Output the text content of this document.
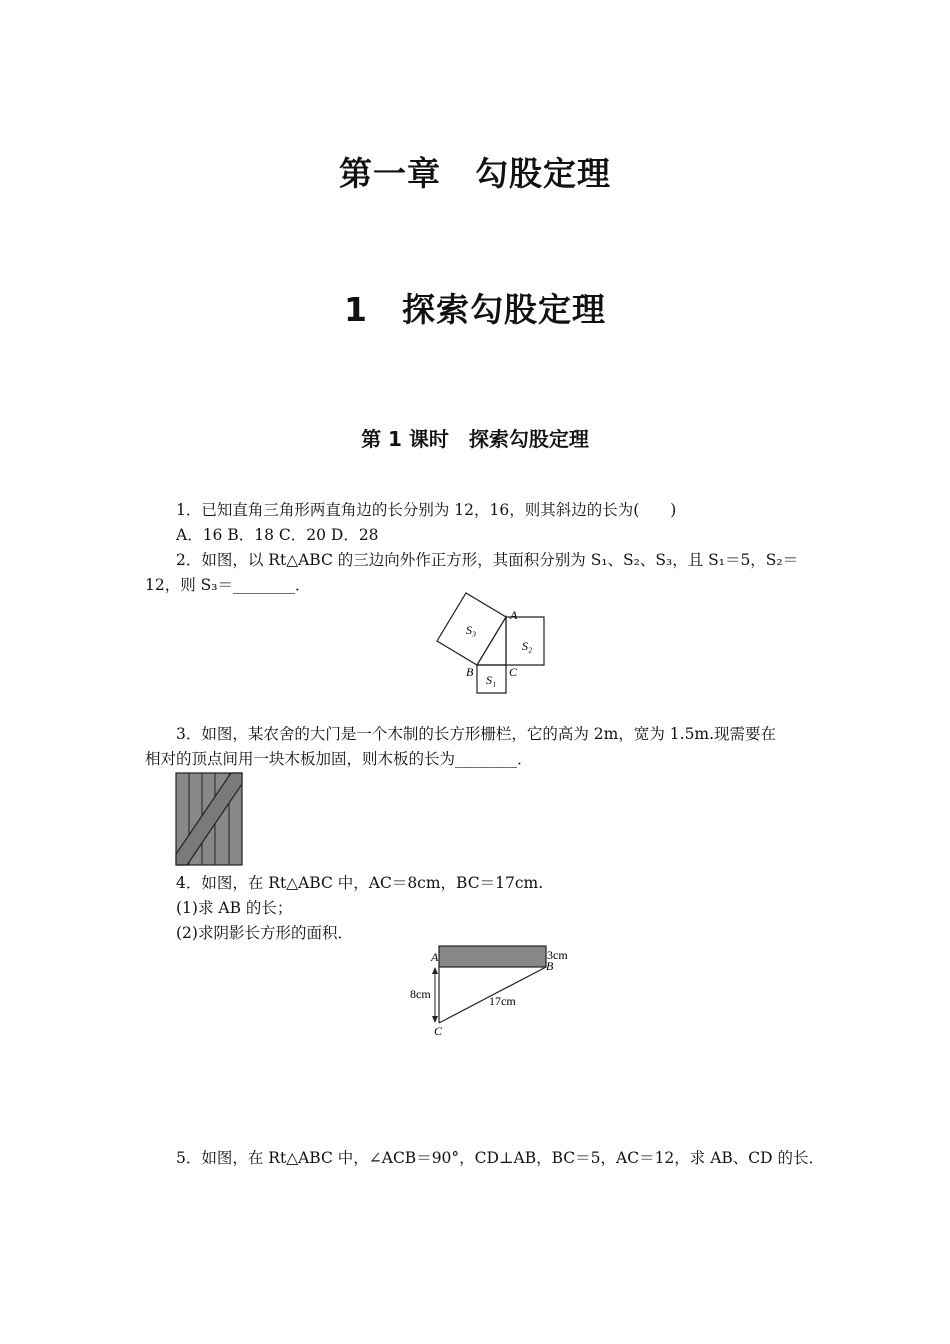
第一章　勾股定理
1　探索勾股定理
第 1 课时　探索勾股定理
1．已知直角三角形两直角边的长分别为 12，16，则其斜边的长为(　　)
A．16 B．18 C．20 D．28
2．如图，以 Rt△ABC 的三边向外作正方形，其面积分别为 S₁、S₂、S₃，且 S₁＝5，S₂＝
12，则 S₃＝________．
A
B	C
S₁
S₂
S₃
3．如图，某农舍的大门是一个木制的长方形栅栏，它的高为 2m，宽为 1.5m.现需要在
相对的顶点间用一块木板加固，则木板的长为________．
4．如图，在 Rt△ABC 中，AC＝8cm，BC＝17cm.
(1)求 AB 的长；
(2)求阴影长方形的面积．
A
B
C
3cm
8cm	17cm
5．如图，在 Rt△ABC 中，∠ACB＝90°，CD⊥AB，BC＝5，AC＝12，求 AB、CD 的长．
